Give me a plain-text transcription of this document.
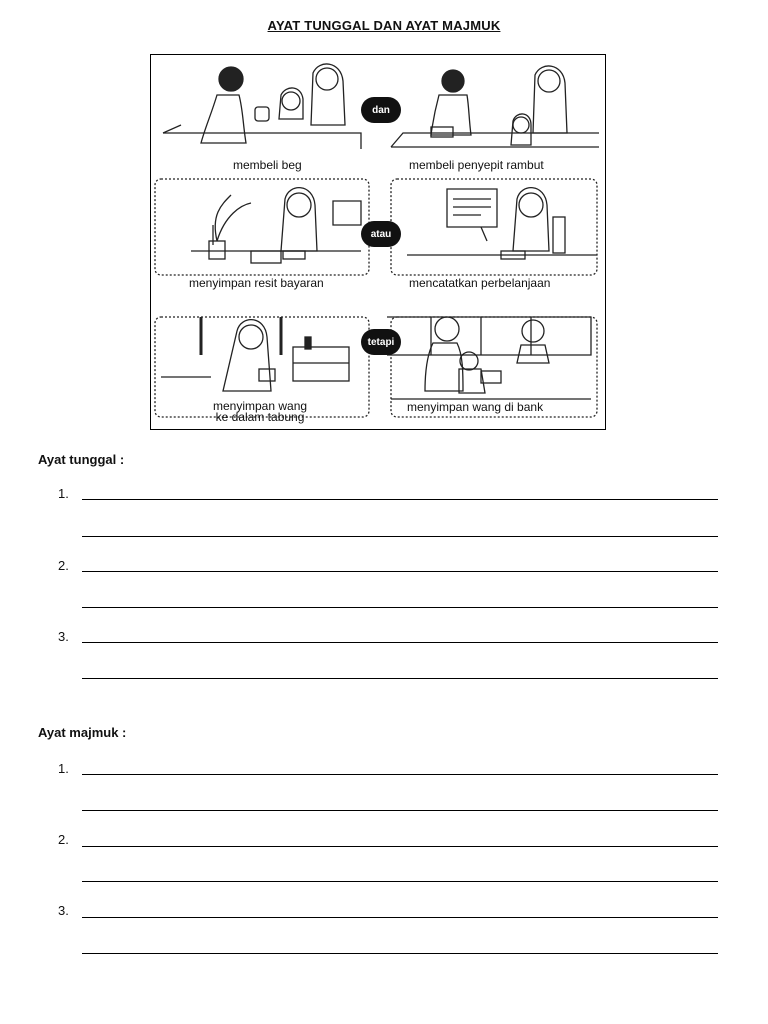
AYAT TUNGGAL DAN AYAT MAJMUK
membeli beg	membeli penyepit rambut
dan
menyimpan resit bayaran	mencatatkan perbelanjaan
atau
menyimpan wang
ke dalam tabung
menyimpan wang di bank
tetapi
Ayat tunggal :
1.
2.
3.
Ayat majmuk :
1.
2.
3.
